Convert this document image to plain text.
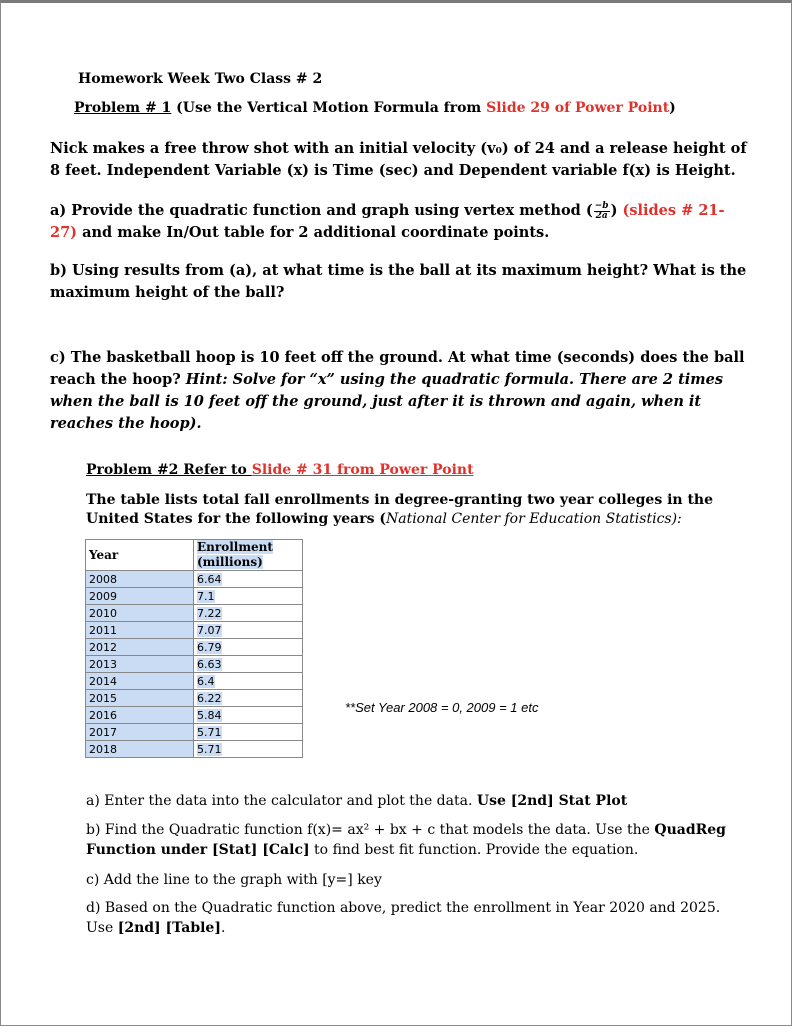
Homework Week Two Class # 2
Problem # 1 (Use the Vertical Motion Formula from Slide 29 of Power Point)
Nick makes a free throw shot with an initial velocity (v₀) of 24 and a release height of 8 feet. Independent Variable (x) is Time (sec) and Dependent variable f(x) is Height.
a) Provide the quadratic function and graph using vertex method ( $\frac{-b}{2a}$ ) (slides # 21-27) and make In/Out table for 2 additional coordinate points.
b) Using results from (a), at what time is the ball at its maximum height? What is the maximum height of the ball?
c) The basketball hoop is 10 feet off the ground. At what time (seconds) does the ball reach the hoop? Hint: Solve for “x” using the quadratic formula. There are 2 times when the ball is 10 feet off the ground, just after it is thrown and again, when it reaches the hoop).
Problem #2 Refer to Slide # 31 from Power Point
The table lists total fall enrollments in degree-granting two year colleges in the United States for the following years (National Center for Education Statistics):
Year	Enrollment (millions)
2008	6.64
2009	7.1
2010	7.22
2011	7.07
2012	6.79
2013	6.63
2014	6.4
2015	6.22
2016	5.84
2017	5.71
2018	5.71
**Set Year 2008 = 0, 2009 = 1 etc
a) Enter the data into the calculator and plot the data. Use [2nd] Stat Plot
b) Find the Quadratic function f(x)= ax² + bx + c that models the data. Use the QuadReg Function under [Stat] [Calc] to find best fit function. Provide the equation.
c) Add the line to the graph with [y=] key
d) Based on the Quadratic function above, predict the enrollment in Year 2020 and 2025. Use [2nd] [Table].
